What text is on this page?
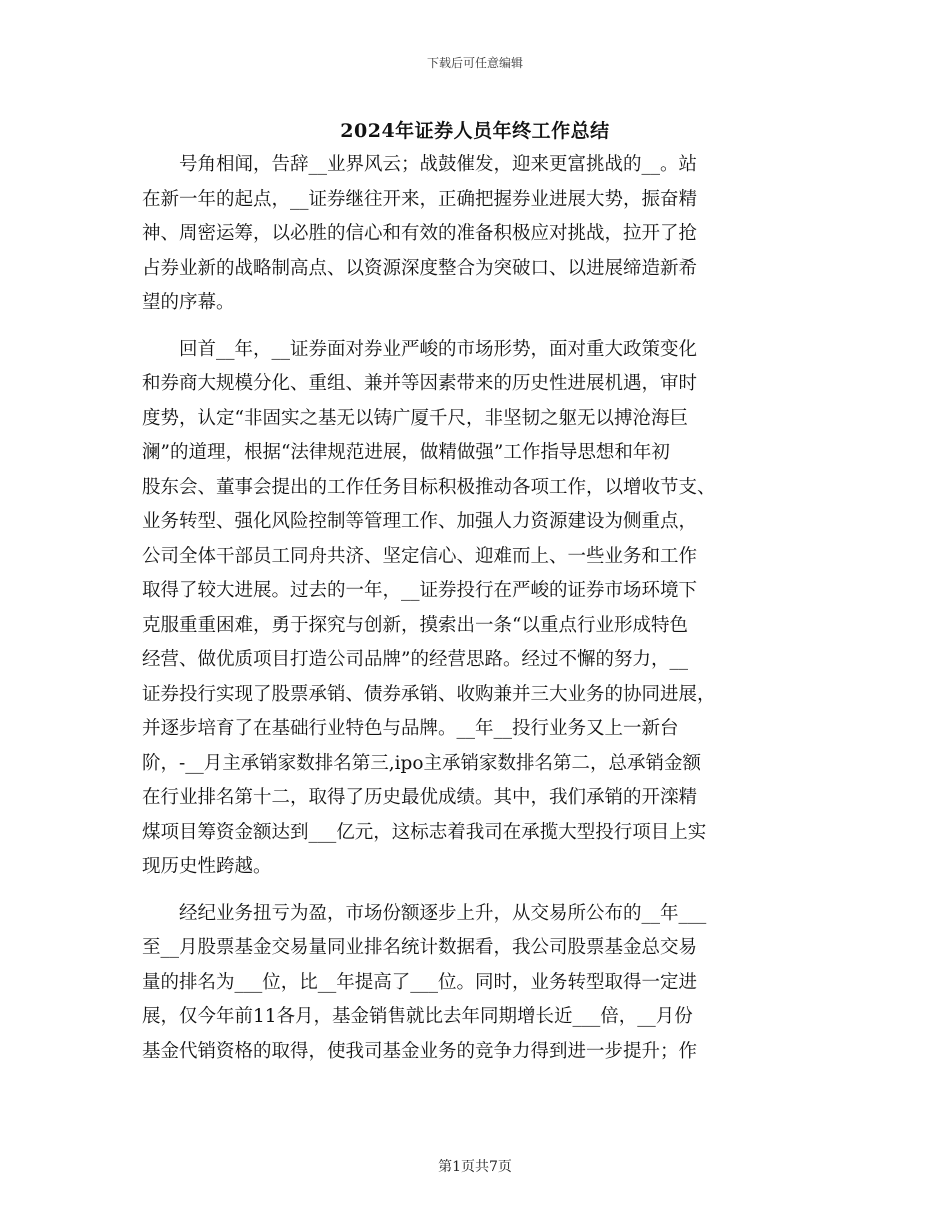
下载后可任意编辑
2024年证券人员年终工作总结
　　号角相闻，告辞__业界风云；战鼓催发，迎来更富挑战的__。站
在新一年的起点，__证券继往开来，正确把握券业进展大势，振奋精
神、周密运筹，以必胜的信心和有效的准备积极应对挑战，拉开了抢
占券业新的战略制高点、以资源深度整合为突破口、以进展缔造新希
望的序幕。
　　回首__年，__证券面对券业严峻的市场形势，面对重大政策变化
和券商大规模分化、重组、兼并等因素带来的历史性进展机遇，审时
度势，认定“非固实之基无以铸广厦千尺，非坚韧之躯无以搏沧海巨
澜”的道理，根据“法律规范进展，做精做强”工作指导思想和年初
股东会、董事会提出的工作任务目标积极推动各项工作，以增收节支、
业务转型、强化风险控制等管理工作、加强人力资源建设为侧重点，
公司全体干部员工同舟共济、坚定信心、迎难而上、一些业务和工作
取得了较大进展。过去的一年，__证券投行在严峻的证券市场环境下
克服重重困难，勇于探究与创新，摸索出一条“以重点行业形成特色
经营、做优质项目打造公司品牌”的经营思路。经过不懈的努力，__
证券投行实现了股票承销、债券承销、收购兼并三大业务的协同进展，
并逐步培育了在基础行业特色与品牌。__年__投行业务又上一新台
阶，-__月主承销家数排名第三,ipo主承销家数排名第二，总承销金额
在行业排名第十二，取得了历史最优成绩。其中，我们承销的开滦精
煤项目筹资金额达到___亿元，这标志着我司在承揽大型投行项目上实
现历史性跨越。
　　经纪业务扭亏为盈，市场份额逐步上升，从交易所公布的__年___
至__月股票基金交易量同业排名统计数据看，我公司股票基金总交易
量的排名为___位，比__年提高了___位。同时，业务转型取得一定进
展，仅今年前11各月，基金销售就比去年同期增长近___倍，__月份
基金代销资格的取得，使我司基金业务的竞争力得到进一步提升；作
第1页共7页
